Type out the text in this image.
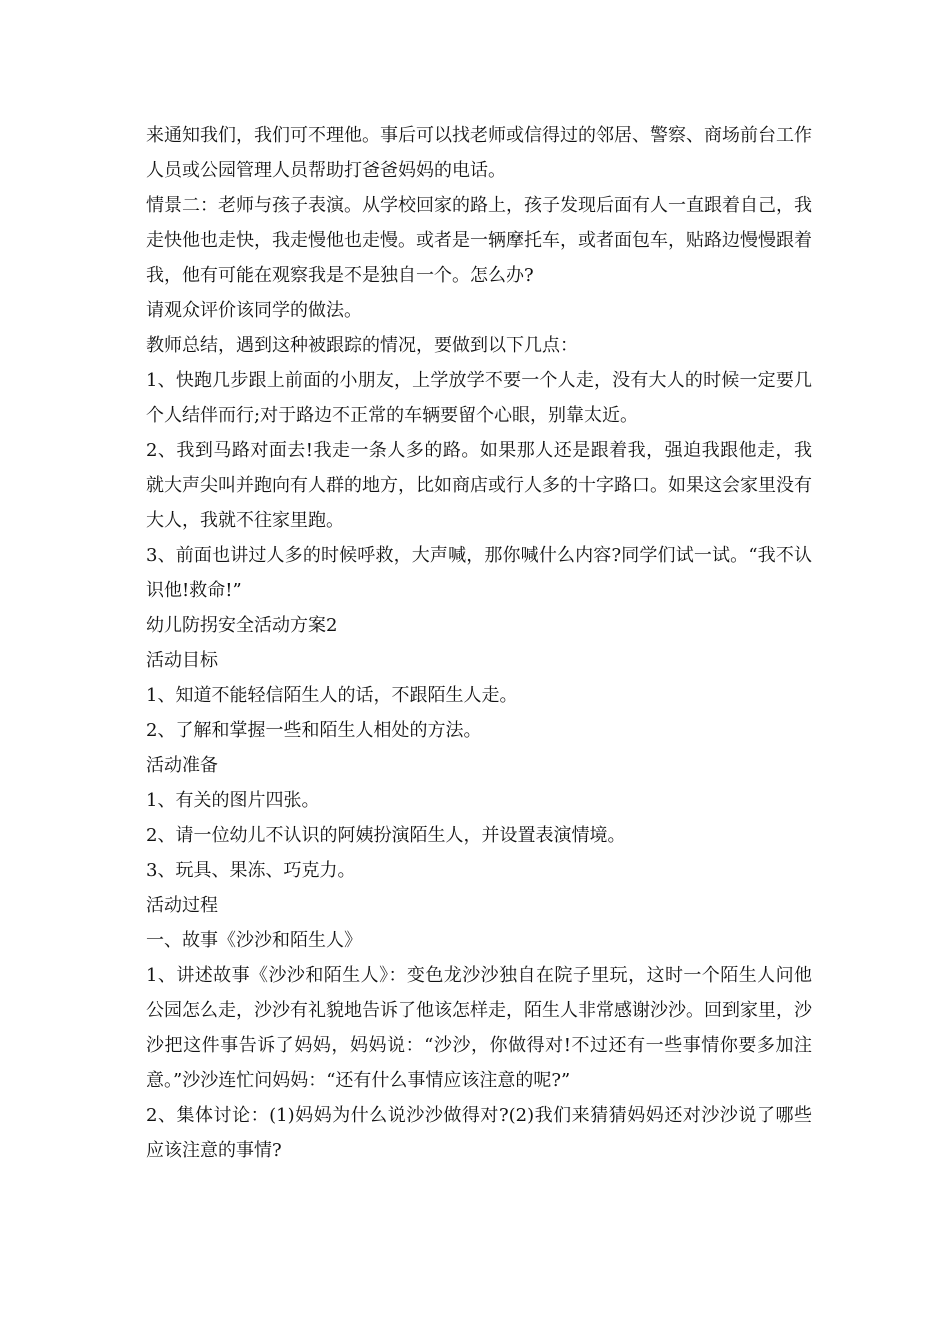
来通知我们，我们可不理他。事后可以找老师或信得过的邻居、警察、商场前台工作人员或公园管理人员帮助打爸爸妈妈的电话。

情景二：老师与孩子表演。从学校回家的路上，孩子发现后面有人一直跟着自己，我走快他也走快，我走慢他也走慢。或者是一辆摩托车，或者面包车，贴路边慢慢跟着我，他有可能在观察我是不是独自一个。怎么办?

请观众评价该同学的做法。

教师总结，遇到这种被跟踪的情况，要做到以下几点：

1、快跑几步跟上前面的小朋友，上学放学不要一个人走，没有大人的时候一定要几个人结伴而行;对于路边不正常的车辆要留个心眼，别靠太近。

2、我到马路对面去!我走一条人多的路。如果那人还是跟着我，强迫我跟他走，我就大声尖叫并跑向有人群的地方，比如商店或行人多的十字路口。如果这会家里没有大人，我就不往家里跑。

3、前面也讲过人多的时候呼救，大声喊，那你喊什么内容?同学们试一试。“我不认识他!救命!”

幼儿防拐安全活动方案2

活动目标

1、知道不能轻信陌生人的话，不跟陌生人走。

2、了解和掌握一些和陌生人相处的方法。

活动准备

1、有关的图片四张。

2、请一位幼儿不认识的阿姨扮演陌生人，并设置表演情境。

3、玩具、果冻、巧克力。

活动过程

一、故事《沙沙和陌生人》

1、讲述故事《沙沙和陌生人》：变色龙沙沙独自在院子里玩，这时一个陌生人问他公园怎么走，沙沙有礼貌地告诉了他该怎样走，陌生人非常感谢沙沙。回到家里，沙沙把这件事告诉了妈妈，妈妈说：“沙沙，你做得对!不过还有一些事情你要多加注意。”沙沙连忙问妈妈：“还有什么事情应该注意的呢?”

2、集体讨论：(1)妈妈为什么说沙沙做得对?(2)我们来猜猜妈妈还对沙沙说了哪些应该注意的事情?
